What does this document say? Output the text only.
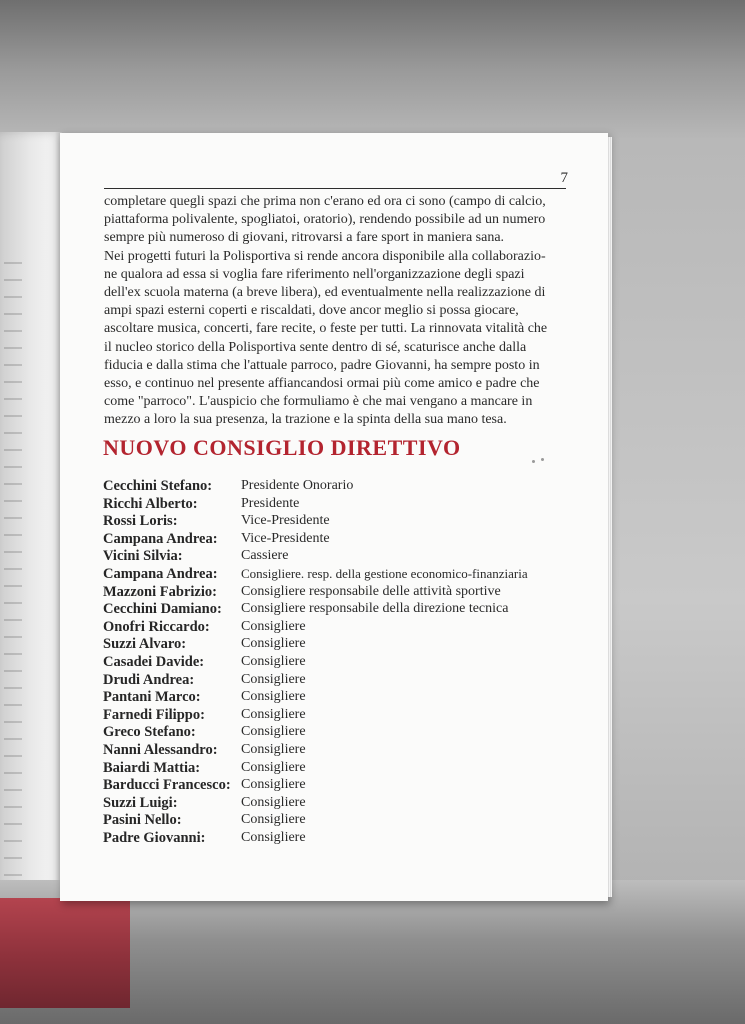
7

completare quegli spazi che prima non c'erano ed ora ci sono (campo di calcio,
piattaforma polivalente, spogliatoi, oratorio), rendendo possibile ad un numero
sempre più numeroso di giovani, ritrovarsi a fare sport in maniera sana.
Nei progetti futuri la Polisportiva si rende ancora disponibile alla collaborazio-
ne qualora ad essa si voglia fare riferimento nell'organizzazione degli spazi
dell'ex scuola materna (a breve libera), ed eventualmente nella realizzazione di
ampi spazi esterni coperti e riscaldati, dove ancor meglio si possa giocare,
ascoltare musica, concerti, fare recite, o feste per tutti. La rinnovata vitalità che
il nucleo storico della Polisportiva sente dentro di sé, scaturisce anche dalla
fiducia e dalla stima che l'attuale parroco, padre Giovanni, ha sempre posto in
esso, e continuo nel presente affiancandosi ormai più come amico e padre che
come "parroco". L'auspicio che formuliamo è che mai vengano a mancare in
mezzo a loro la sua presenza, la trazione e la spinta della sua mano tesa.

NUOVO CONSIGLIO DIRETTIVO
Cecchini Stefano: Presidente Onorario
Ricchi Alberto:	Presidente
Rossi Loris:	Vice-Presidente
Campana Andrea: Vice-Presidente
Vicini Silvia:	Cassiere
Campana Andrea: Consigliere. resp. della gestione economico-finanziaria
Mazzoni Fabrizio: Consigliere responsabile delle attività sportive
Cecchini Damiano: Consigliere responsabile della direzione tecnica
Onofri Riccardo: Consigliere
Suzzi Alvaro:	Consigliere
Casadei Davide:	Consigliere
Drudi Andrea:	Consigliere
Pantani Marco:	Consigliere
Farnedi Filippo:	Consigliere
Greco Stefano:	Consigliere
Nanni Alessandro: Consigliere
Baiardi Mattia:	Consigliere
Barducci Francesco: Consigliere
Suzzi Luigi:	Consigliere
Pasini Nello:	Consigliere
Padre Giovanni:	Consigliere
